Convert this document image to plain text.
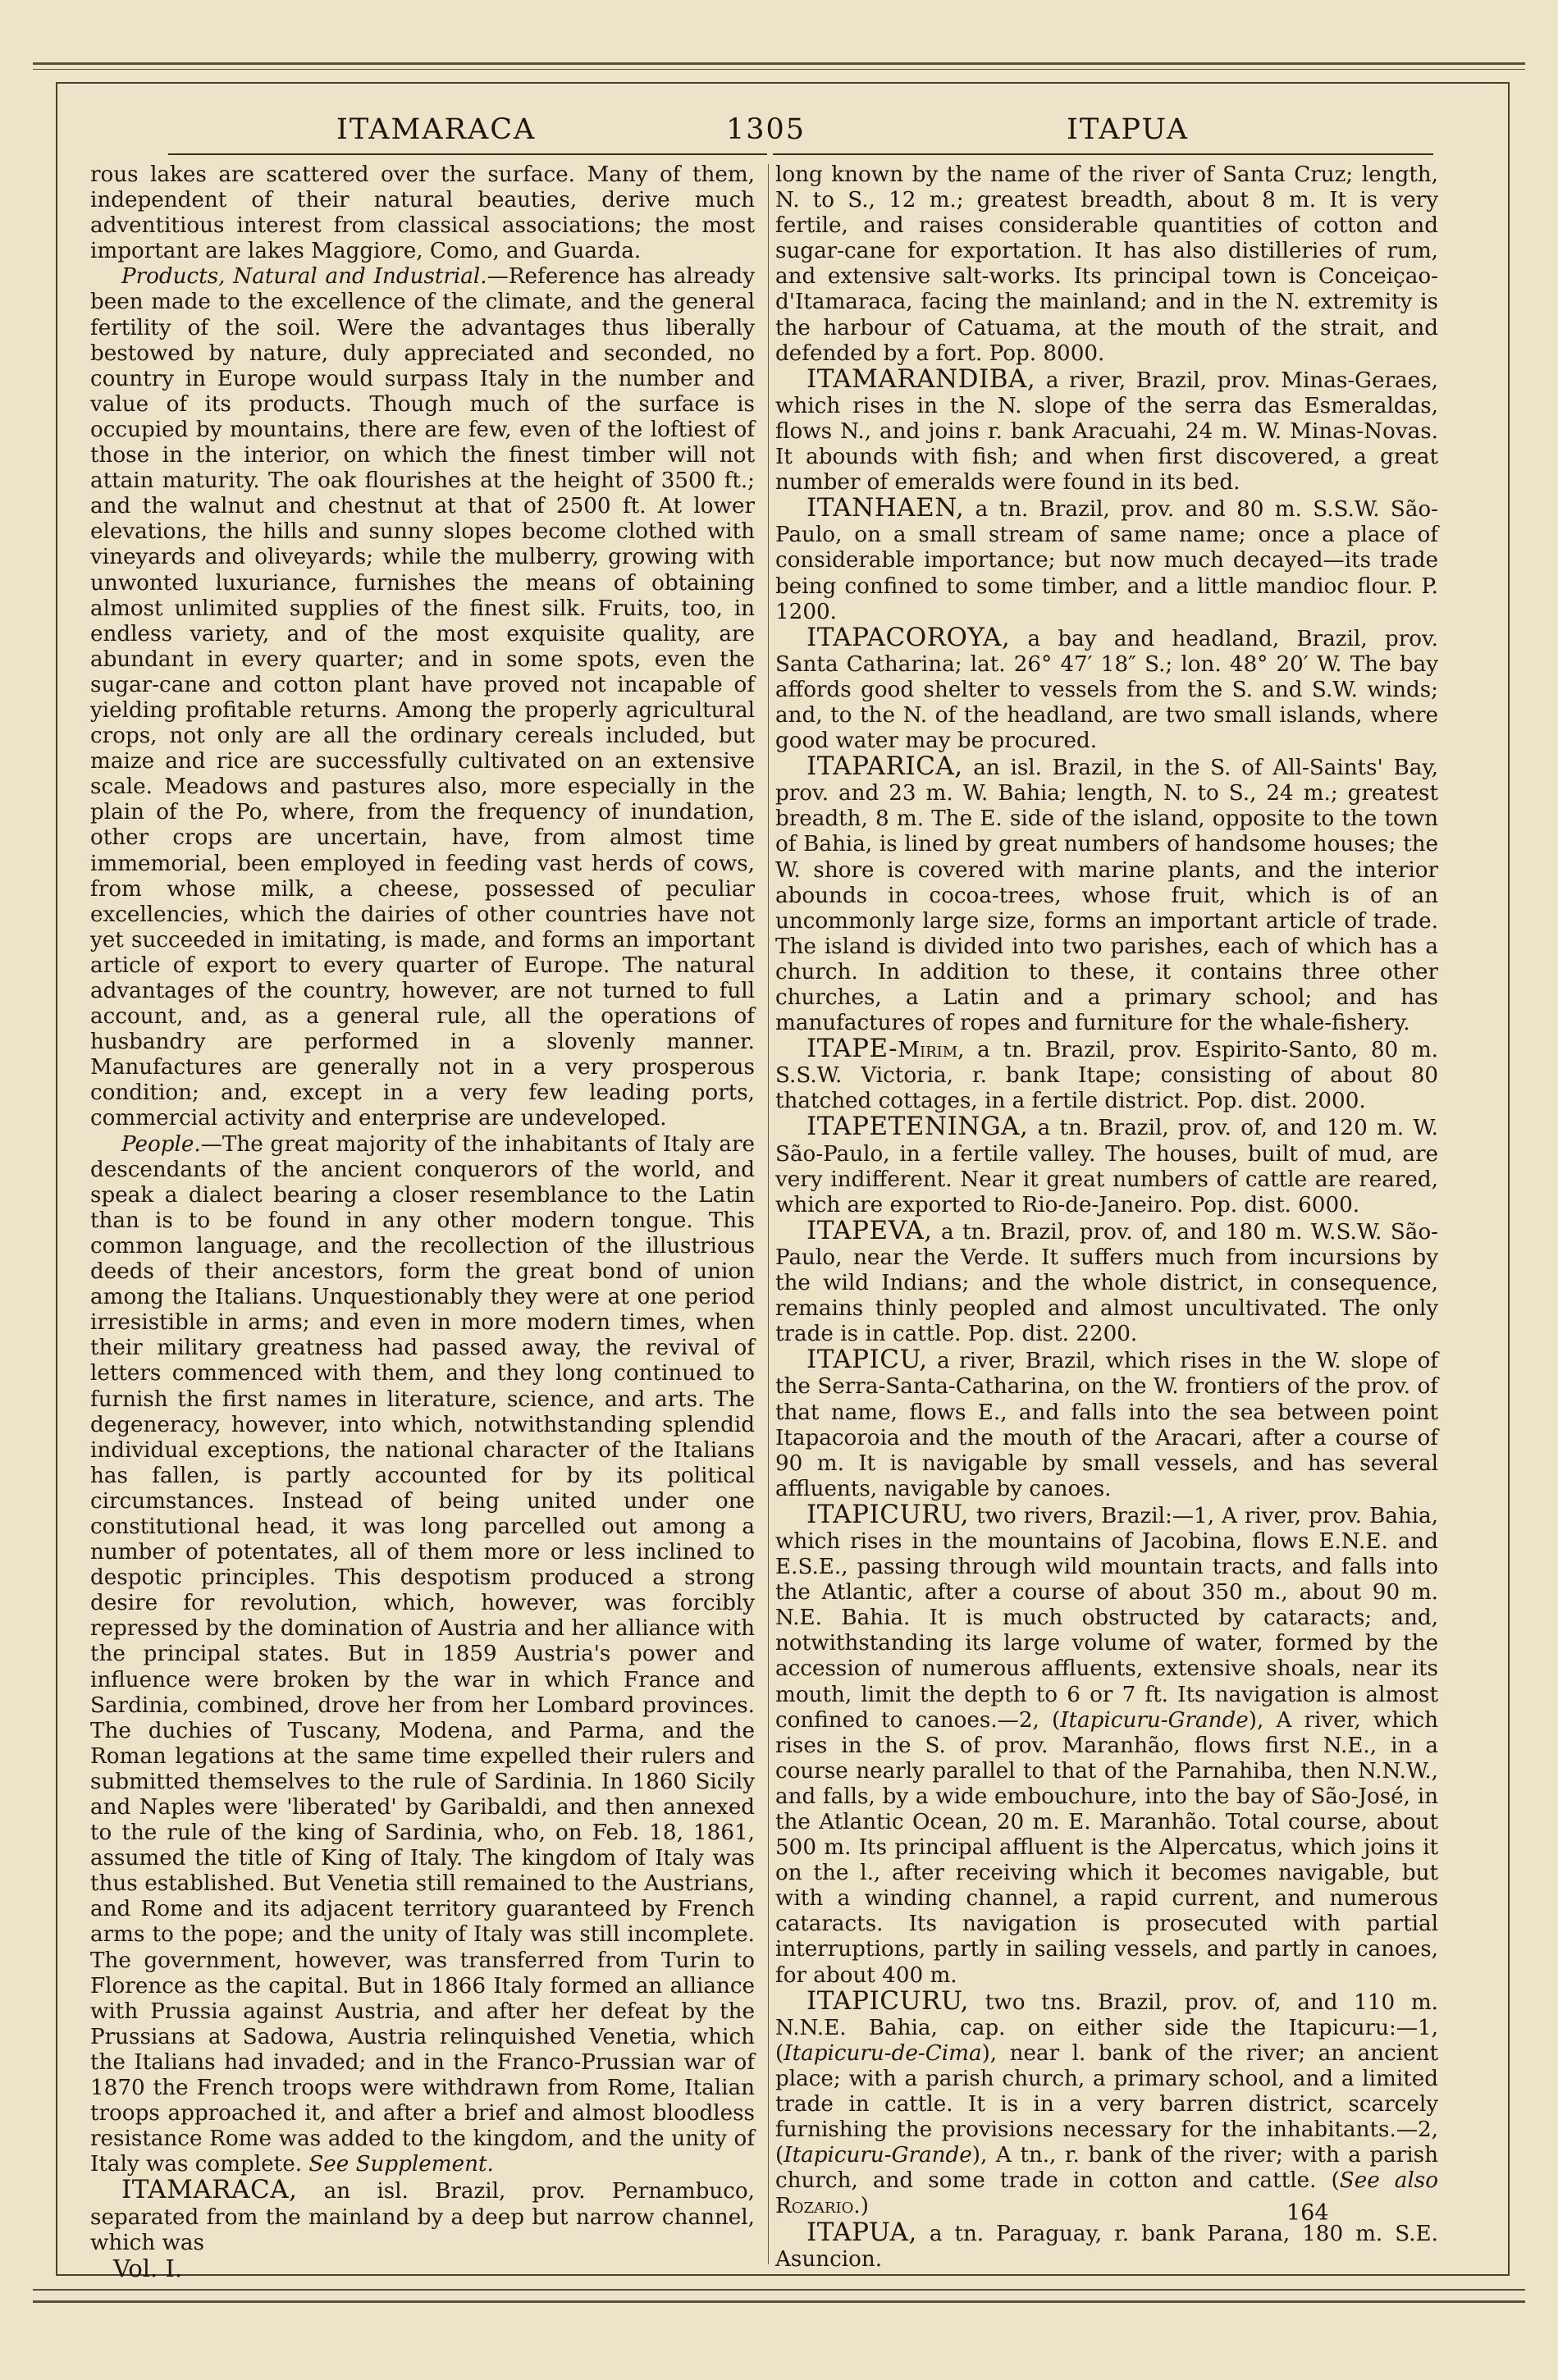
ITAMARACA	1305	ITAPUA

rous lakes are scattered over the surface. Many of them, independent of their natural beauties, derive much adventitious interest from classical associations; the most important are lakes Maggiore, Como, and Guarda.

Products, Natural and Industrial.—Reference has already been made to the excellence of the climate, and the general fertility of the soil. Were the advantages thus liberally bestowed by nature, duly appreciated and seconded, no country in Europe would surpass Italy in the number and value of its products. Though much of the surface is occupied by mountains, there are few, even of the loftiest of those in the interior, on which the finest timber will not attain maturity. The oak flourishes at the height of 3500 ft.; and the walnut and chestnut at that of 2500 ft. At lower elevations, the hills and sunny slopes become clothed with vineyards and oliveyards; while the mulberry, growing with unwonted luxuriance, furnishes the means of obtaining almost unlimited supplies of the finest silk. Fruits, too, in endless variety, and of the most exquisite quality, are abundant in every quarter; and in some spots, even the sugar-cane and cotton plant have proved not incapable of yielding profitable returns. Among the properly agricultural crops, not only are all the ordinary cereals included, but maize and rice are successfully cultivated on an extensive scale. Meadows and pastures also, more especially in the plain of the Po, where, from the frequency of inundation, other crops are uncertain, have, from almost time immemorial, been employed in feeding vast herds of cows, from whose milk, a cheese, possessed of peculiar excellencies, which the dairies of other countries have not yet succeeded in imitating, is made, and forms an important article of export to every quarter of Europe. The natural advantages of the country, however, are not turned to full account, and, as a general rule, all the operations of husbandry are performed in a slovenly manner. Manufactures are generally not in a very prosperous condition; and, except in a very few leading ports, commercial activity and enterprise are undeveloped.

People.—The great majority of the inhabitants of Italy are descendants of the ancient conquerors of the world, and speak a dialect bearing a closer resemblance to the Latin than is to be found in any other modern tongue. This common language, and the recollection of the illustrious deeds of their ancestors, form the great bond of union among the Italians. Unquestionably they were at one period irresistible in arms; and even in more modern times, when their military greatness had passed away, the revival of letters commenced with them, and they long continued to furnish the first names in literature, science, and arts. The degeneracy, however, into which, notwithstanding splendid individual exceptions, the national character of the Italians has fallen, is partly accounted for by its political circumstances. Instead of being united under one constitutional head, it was long parcelled out among a number of potentates, all of them more or less inclined to despotic principles. This despotism produced a strong desire for revolution, which, however, was forcibly repressed by the domination of Austria and her alliance with the principal states. But in 1859 Austria's power and influence were broken by the war in which France and Sardinia, combined, drove her from her Lombard provinces. The duchies of Tuscany, Modena, and Parma, and the Roman legations at the same time expelled their rulers and submitted themselves to the rule of Sardinia. In 1860 Sicily and Naples were 'liberated' by Garibaldi, and then annexed to the rule of the king of Sardinia, who, on Feb. 18, 1861, assumed the title of King of Italy. The kingdom of Italy was thus established. But Venetia still remained to the Austrians, and Rome and its adjacent territory guaranteed by French arms to the pope; and the unity of Italy was still incomplete. The government, however, was transferred from Turin to Florence as the capital. But in 1866 Italy formed an alliance with Prussia against Austria, and after her defeat by the Prussians at Sadowa, Austria relinquished Venetia, which the Italians had invaded; and in the Franco-Prussian war of 1870 the French troops were withdrawn from Rome, Italian troops approached it, and after a brief and almost bloodless resistance Rome was added to the kingdom, and the unity of Italy was complete. See Supplement.

ITAMARACA, an isl. Brazil, prov. Pernambuco, separated from the mainland by a deep but narrow channel, which was

long known by the name of the river of Santa Cruz; length, N. to S., 12 m.; greatest breadth, about 8 m. It is very fertile, and raises considerable quantities of cotton and sugar-cane for exportation. It has also distilleries of rum, and extensive salt-works. Its principal town is Conceiçao-d'Itamaraca, facing the mainland; and in the N. extremity is the harbour of Catuama, at the mouth of the strait, and defended by a fort. Pop. 8000.

ITAMARANDIBA, a river, Brazil, prov. Minas-Geraes, which rises in the N. slope of the serra das Esmeraldas, flows N., and joins r. bank Aracuahi, 24 m. W. Minas-Novas. It abounds with fish; and when first discovered, a great number of emeralds were found in its bed.

ITANHAEN, a tn. Brazil, prov. and 80 m. S.S.W. São-Paulo, on a small stream of same name; once a place of considerable importance; but now much decayed—its trade being confined to some timber, and a little mandioc flour. P. 1200.

ITAPACOROYA, a bay and headland, Brazil, prov. Santa Catharina; lat. 26° 47′ 18″ S.; lon. 48° 20′ W. The bay affords good shelter to vessels from the S. and S.W. winds; and, to the N. of the headland, are two small islands, where good water may be procured.

ITAPARICA, an isl. Brazil, in the S. of All-Saints' Bay, prov. and 23 m. W. Bahia; length, N. to S., 24 m.; greatest breadth, 8 m. The E. side of the island, opposite to the town of Bahia, is lined by great numbers of handsome houses; the W. shore is covered with marine plants, and the interior abounds in cocoa-trees, whose fruit, which is of an uncommonly large size, forms an important article of trade. The island is divided into two parishes, each of which has a church. In addition to these, it contains three other churches, a Latin and a primary school; and has manufactures of ropes and furniture for the whale-fishery.

ITAPE-Mirim, a tn. Brazil, prov. Espirito-Santo, 80 m. S.S.W. Victoria, r. bank Itape; consisting of about 80 thatched cottages, in a fertile district. Pop. dist. 2000.

ITAPETENINGA, a tn. Brazil, prov. of, and 120 m. W. São-Paulo, in a fertile valley. The houses, built of mud, are very indifferent. Near it great numbers of cattle are reared, which are exported to Rio-de-Janeiro. Pop. dist. 6000.

ITAPEVA, a tn. Brazil, prov. of, and 180 m. W.S.W. São-Paulo, near the Verde. It suffers much from incursions by the wild Indians; and the whole district, in consequence, remains thinly peopled and almost uncultivated. The only trade is in cattle. Pop. dist. 2200.

ITAPICU, a river, Brazil, which rises in the W. slope of the Serra-Santa-Catharina, on the W. frontiers of the prov. of that name, flows E., and falls into the sea between point Itapacoroia and the mouth of the Aracari, after a course of 90 m. It is navigable by small vessels, and has several affluents, navigable by canoes.

ITAPICURU, two rivers, Brazil:—1, A river, prov. Bahia, which rises in the mountains of Jacobina, flows E.N.E. and E.S.E., passing through wild mountain tracts, and falls into the Atlantic, after a course of about 350 m., about 90 m. N.E. Bahia. It is much obstructed by cataracts; and, notwithstanding its large volume of water, formed by the accession of numerous affluents, extensive shoals, near its mouth, limit the depth to 6 or 7 ft. Its navigation is almost confined to canoes.—2, (Itapicuru-Grande), A river, which rises in the S. of prov. Maranhão, flows first N.E., in a course nearly parallel to that of the Parnahiba, then N.N.W., and falls, by a wide embouchure, into the bay of São-José, in the Atlantic Ocean, 20 m. E. Maranhão. Total course, about 500 m. Its principal affluent is the Alpercatus, which joins it on the l., after receiving which it becomes navigable, but with a winding channel, a rapid current, and numerous cataracts. Its navigation is prosecuted with partial interruptions, partly in sailing vessels, and partly in canoes, for about 400 m.

ITAPICURU, two tns. Brazil, prov. of, and 110 m. N.N.E. Bahia, cap. on either side the Itapicuru:—1, (Itapicuru-de-Cima), near l. bank of the river; an ancient place; with a parish church, a primary school, and a limited trade in cattle. It is in a very barren district, scarcely furnishing the provisions necessary for the inhabitants.—2, (Itapicuru-Grande), A tn., r. bank of the river; with a parish church, and some trade in cotton and cattle. (See also Rozario.)

ITAPUA, a tn. Paraguay, r. bank Parana, 180 m. S.E. Asuncion.

Vol. I.
164
